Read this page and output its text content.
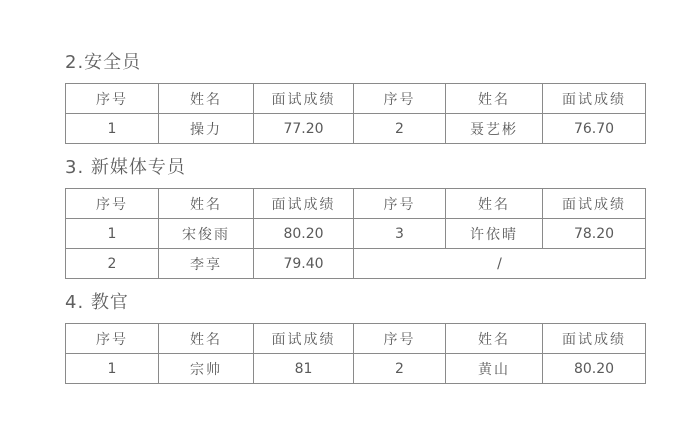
2.安全员
序号	姓名	面试成绩	序号	姓名	面试成绩
1	操力	77.20	2	聂艺彬	76.70
3. 新媒体专员
序号	姓名	面试成绩	序号	姓名	面试成绩
1	宋俊雨	80.20	3	许依晴	78.20
2	李享	79.40	/		
4. 教官
序号	姓名	面试成绩	序号	姓名	面试成绩
1	宗帅	81	2	黄山	80.20
